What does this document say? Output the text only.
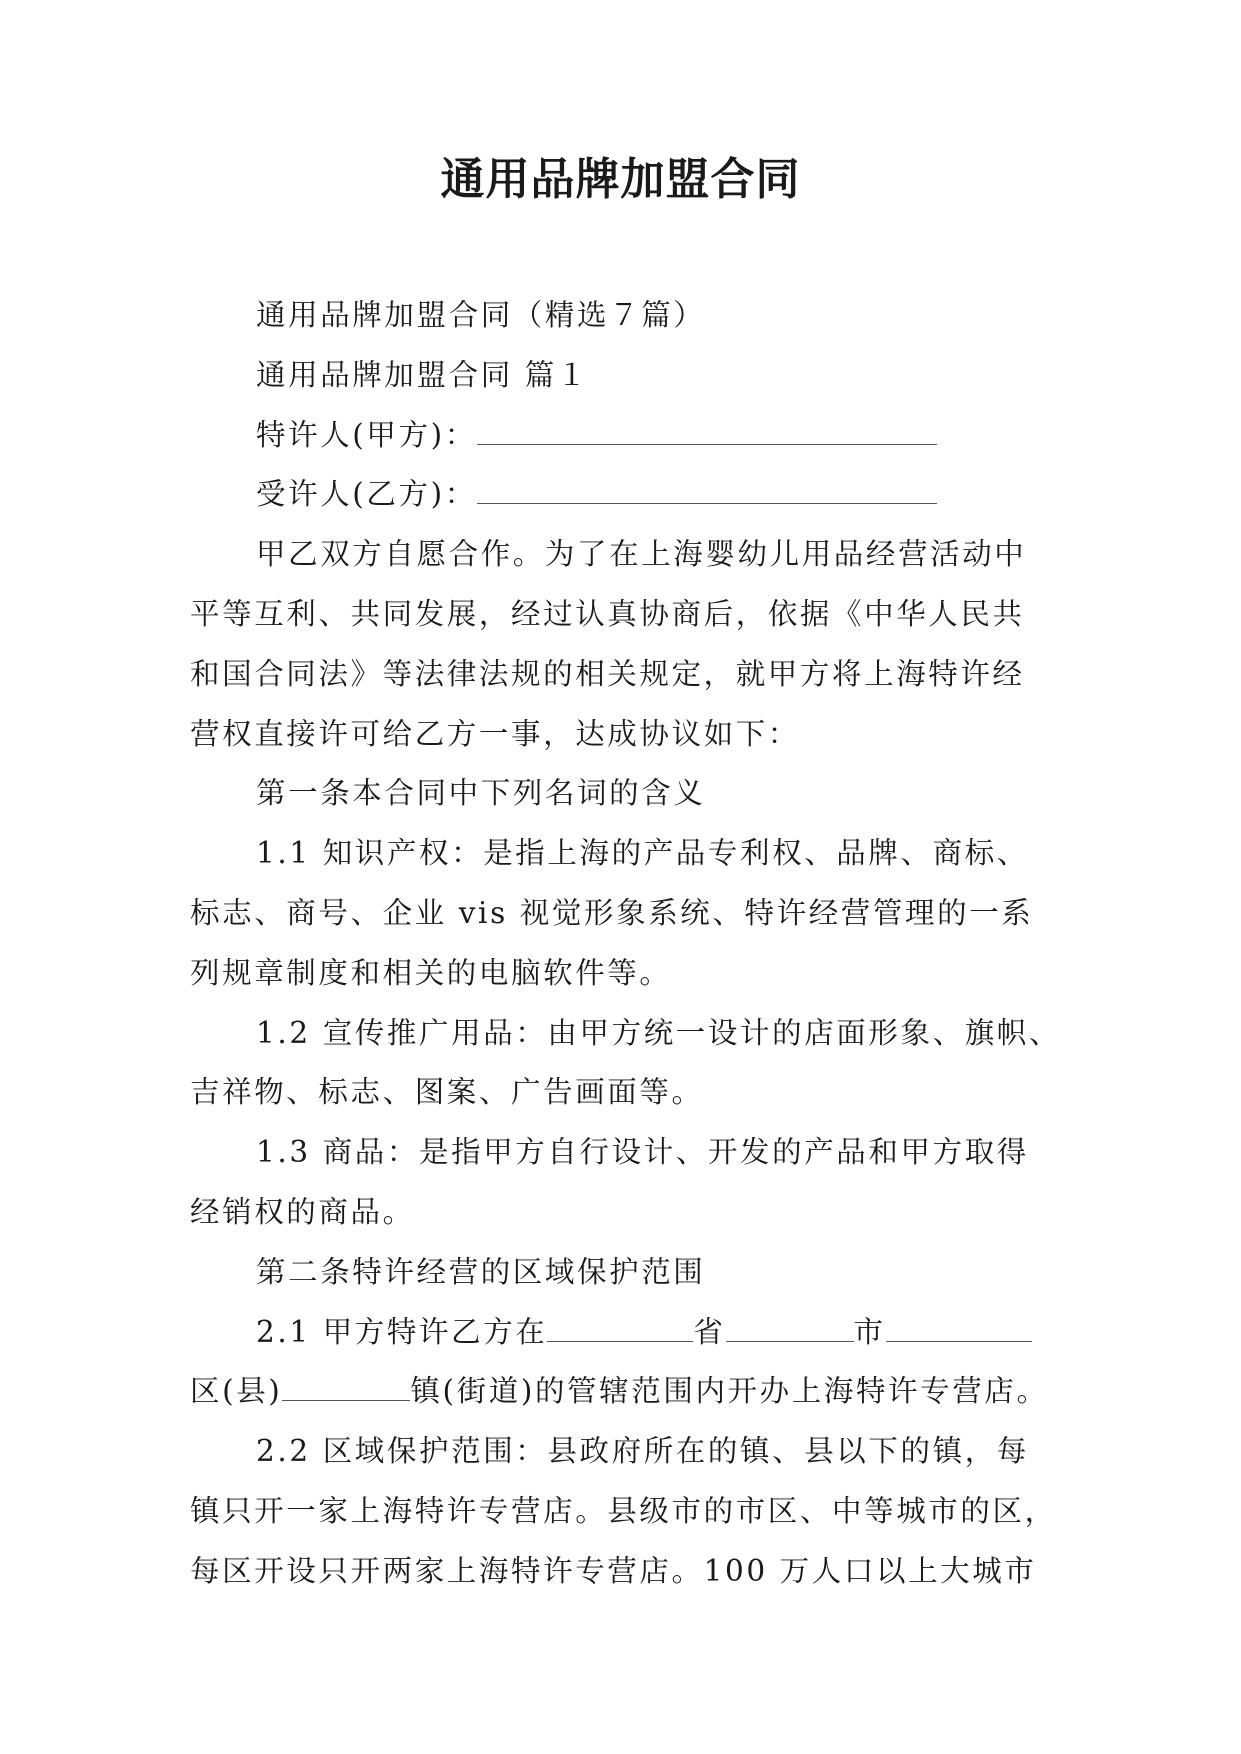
通用品牌加盟合同

通用品牌加盟合同（精选７篇）

通用品牌加盟合同 篇１

特许人(甲方)：

受许人(乙方)：

甲乙双方自愿合作。为了在上海婴幼儿用品经营活动中
平等互利、共同发展，经过认真协商后，依据《中华人民共
和国合同法》等法律法规的相关规定，就甲方将上海特许经
营权直接许可给乙方一事，达成协议如下：

第一条本合同中下列名词的含义

1.1 知识产权：是指上海的产品专利权、品牌、商标、
标志、商号、企业 vis 视觉形象系统、特许经营管理的一系
列规章制度和相关的电脑软件等。

1.2 宣传推广用品：由甲方统一设计的店面形象、旗帜、
吉祥物、标志、图案、广告画面等。

1.3 商品：是指甲方自行设计、开发的产品和甲方取得
经销权的商品。

第二条特许经营的区域保护范围

2.1 甲方特许乙方在	省	市
区(县)	镇(街道)的管辖范围内开办上海特许专营店。

2.2 区域保护范围：县政府所在的镇、县以下的镇，每
镇只开一家上海特许专营店。县级市的市区、中等城市的区，
每区开设只开两家上海特许专营店。100 万人口以上大城市
